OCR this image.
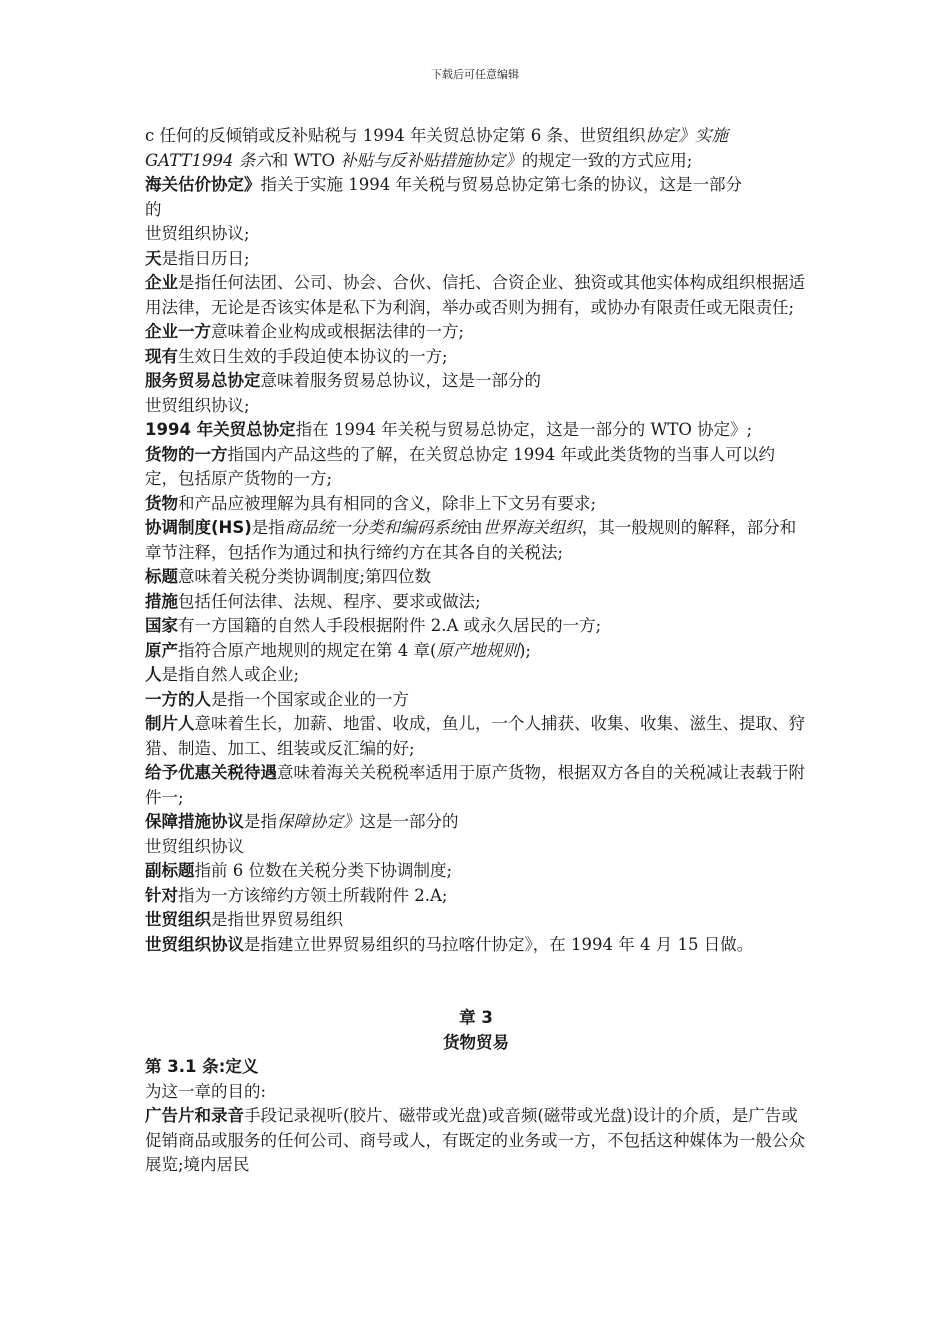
下载后可任意编辑

c 任何的反倾销或反补贴税与 1994 年关贸总协定第 6 条、世贸组织协定》实施

GATT1994 条六和 WTO 补贴与反补贴措施协定》的规定一致的方式应用;

海关估价协定》指关于实施 1994 年关税与贸易总协定第七条的协议，这是一部分

的

世贸组织协议;

天是指日历日;

企业是指任何法团、公司、协会、合伙、信托、合资企业、独资或其他实体构成组织根据适用法律，无论是否该实体是私下为利润，举办或否则为拥有，或协办有限责任或无限责任;

企业一方意味着企业构成或根据法律的一方;

现有生效日生效的手段迫使本协议的一方;

服务贸易总协定意味着服务贸易总协议，这是一部分的

世贸组织协议;

1994 年关贸总协定指在 1994 年关税与贸易总协定，这是一部分的 WTO 协定》;

货物的一方指国内产品这些的了解，在关贸总协定 1994 年或此类货物的当事人可以约定，包括原产货物的一方;

货物和产品应被理解为具有相同的含义，除非上下文另有要求;

协调制度(HS)是指商品统一分类和编码系统由世界海关组织，其一般规则的解释，部分和章节注释，包括作为通过和执行缔约方在其各自的关税法;

标题意味着关税分类协调制度;第四位数

措施包括任何法律、法规、程序、要求或做法;

国家有一方国籍的自然人手段根据附件 2.A 或永久居民的一方;

原产指符合原产地规则的规定在第 4 章(原产地规则);

人是指自然人或企业;

一方的人是指一个国家或企业的一方

制片人意味着生长，加薪、地雷、收成，鱼儿，一个人捕获、收集、收集、滋生、提取、狩猎、制造、加工、组装或反汇编的好;

给予优惠关税待遇意味着海关关税税率适用于原产货物，根据双方各自的关税减让表载于附件一;

保障措施协议是指保障协定》这是一部分的

世贸组织协议

副标题指前 6 位数在关税分类下协调制度;

针对指为一方该缔约方领土所载附件 2.A;

世贸组织是指世界贸易组织

世贸组织协议是指建立世界贸易组织的马拉喀什协定》，在 1994 年 4 月 15 日做。

章 3

货物贸易

第 3.1 条:定义

为这一章的目的:

广告片和录音手段记录视听(胶片、磁带或光盘)或音频(磁带或光盘)设计的介质，是广告或促销商品或服务的任何公司、商号或人，有既定的业务或一方，不包括这种媒体为一般公众展览;境内居民
